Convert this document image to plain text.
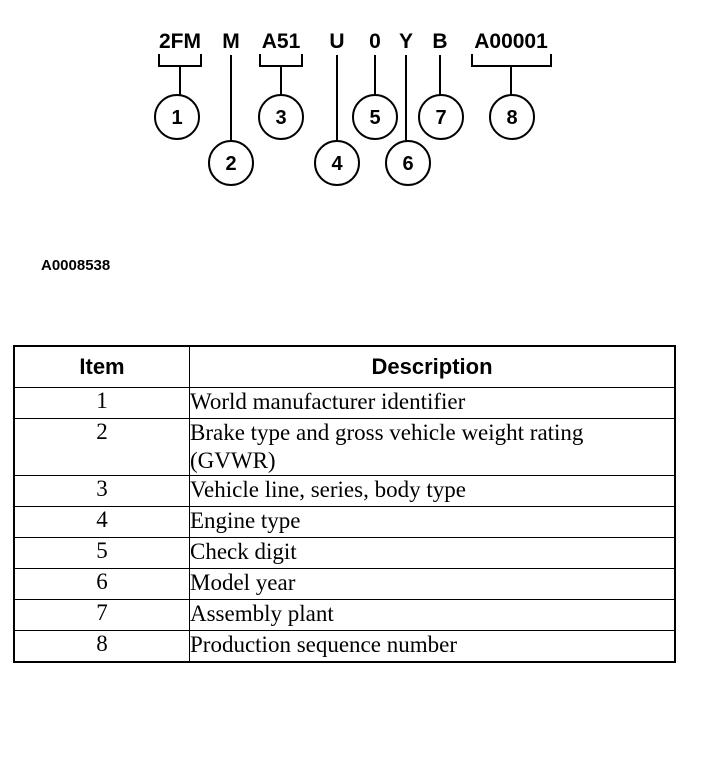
2FM M A51 U 0 Y B A00001
1
2
3
4
5
6
7	8
A0008538
Item	Description
1	World manufacturer identifier
2	Brake type and gross vehicle weight rating (GVWR)
3	Vehicle line, series, body type
4	Engine type
5	Check digit
6	Model year
7	Assembly plant
8	Production sequence number
